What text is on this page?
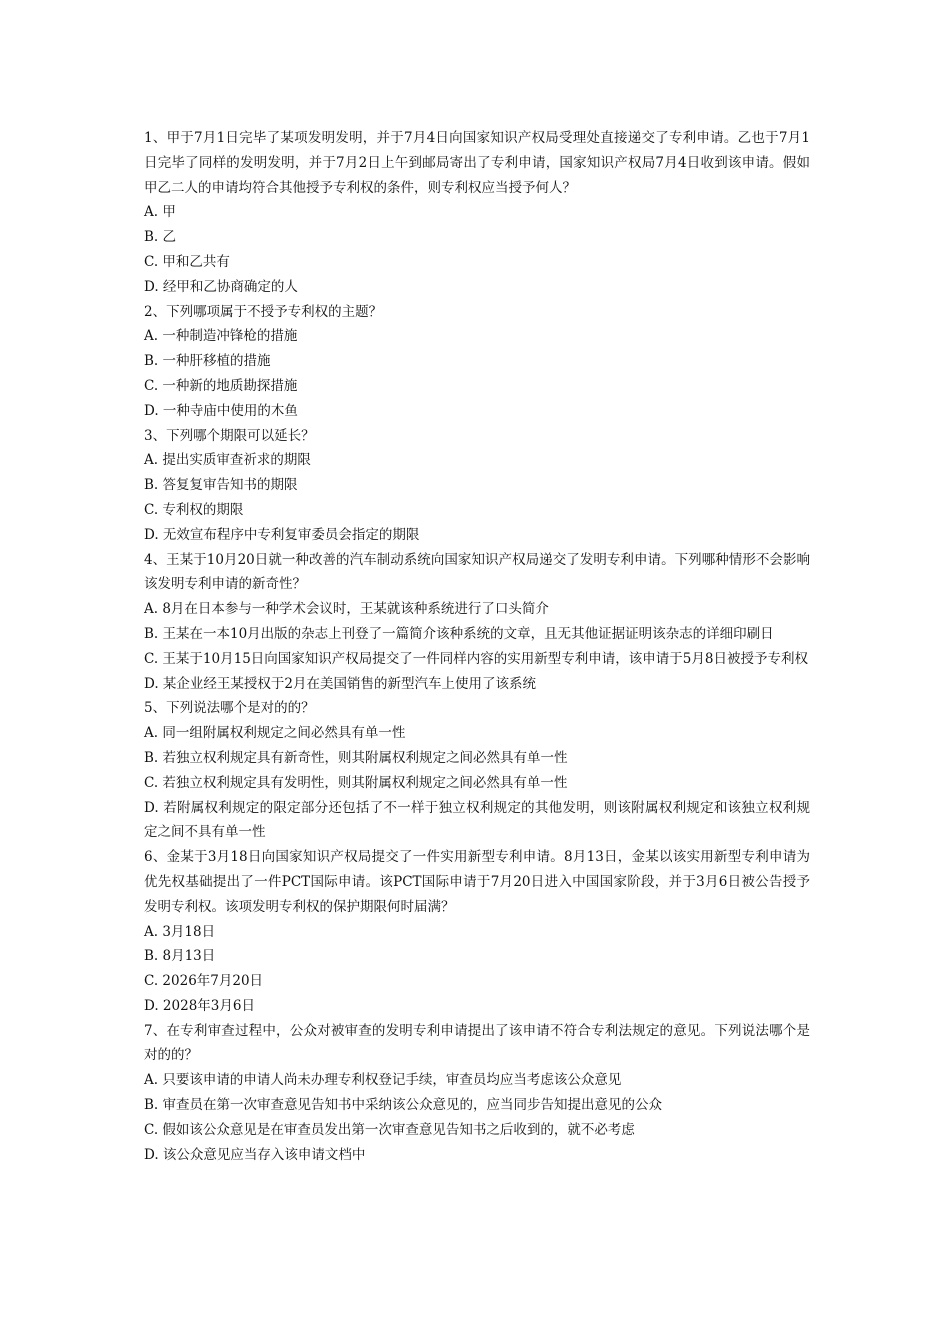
1、甲于7月1日完毕了某项发明发明，并于7月4日向国家知识产权局受理处直接递交了专利申请。乙也于7月1日完毕了同样的发明发明，并于7月2日上午到邮局寄出了专利申请，国家知识产权局7月4日收到该申请。假如甲乙二人的申请均符合其他授予专利权的条件，则专利权应当授予何人？

A. 甲

B. 乙

C. 甲和乙共有

D. 经甲和乙协商确定的人

2、下列哪项属于不授予专利权的主题？

A. 一种制造冲锋枪的措施

B. 一种肝移植的措施

C. 一种新的地质勘探措施

D. 一种寺庙中使用的木鱼

3、下列哪个期限可以延长？

A. 提出实质审查祈求的期限

B. 答复复审告知书的期限

C. 专利权的期限

D. 无效宣布程序中专利复审委员会指定的期限

4、王某于10月20日就一种改善的汽车制动系统向国家知识产权局递交了发明专利申请。下列哪种情形不会影响该发明专利申请的新奇性？

A. 8月在日本参与一种学术会议时，王某就该种系统进行了口头简介

B. 王某在一本10月出版的杂志上刊登了一篇简介该种系统的文章，且无其他证据证明该杂志的详细印刷日

C. 王某于10月15日向国家知识产权局提交了一件同样内容的实用新型专利申请，该申请于5月8日被授予专利权

D. 某企业经王某授权于2月在美国销售的新型汽车上使用了该系统

5、下列说法哪个是对的的？

A. 同一组附属权利规定之间必然具有单一性

B. 若独立权利规定具有新奇性，则其附属权利规定之间必然具有单一性

C. 若独立权利规定具有发明性，则其附属权利规定之间必然具有单一性

D. 若附属权利规定的限定部分还包括了不一样于独立权利规定的其他发明，则该附属权利规定和该独立权利规定之间不具有单一性

6、金某于3月18日向国家知识产权局提交了一件实用新型专利申请。8月13日，金某以该实用新型专利申请为优先权基础提出了一件PCT国际申请。该PCT国际申请于7月20日进入中国国家阶段，并于3月6日被公告授予发明专利权。该项发明专利权的保护期限何时届满？

A. 3月18日

B. 8月13日

C. 2026年7月20日

D. 2028年3月6日

7、在专利审查过程中，公众对被审查的发明专利申请提出了该申请不符合专利法规定的意见。下列说法哪个是对的的？

A. 只要该申请的申请人尚未办理专利权登记手续，审查员均应当考虑该公众意见

B. 审查员在第一次审查意见告知书中采纳该公众意见的，应当同步告知提出意见的公众

C. 假如该公众意见是在审查员发出第一次审查意见告知书之后收到的，就不必考虑

D. 该公众意见应当存入该申请文档中
